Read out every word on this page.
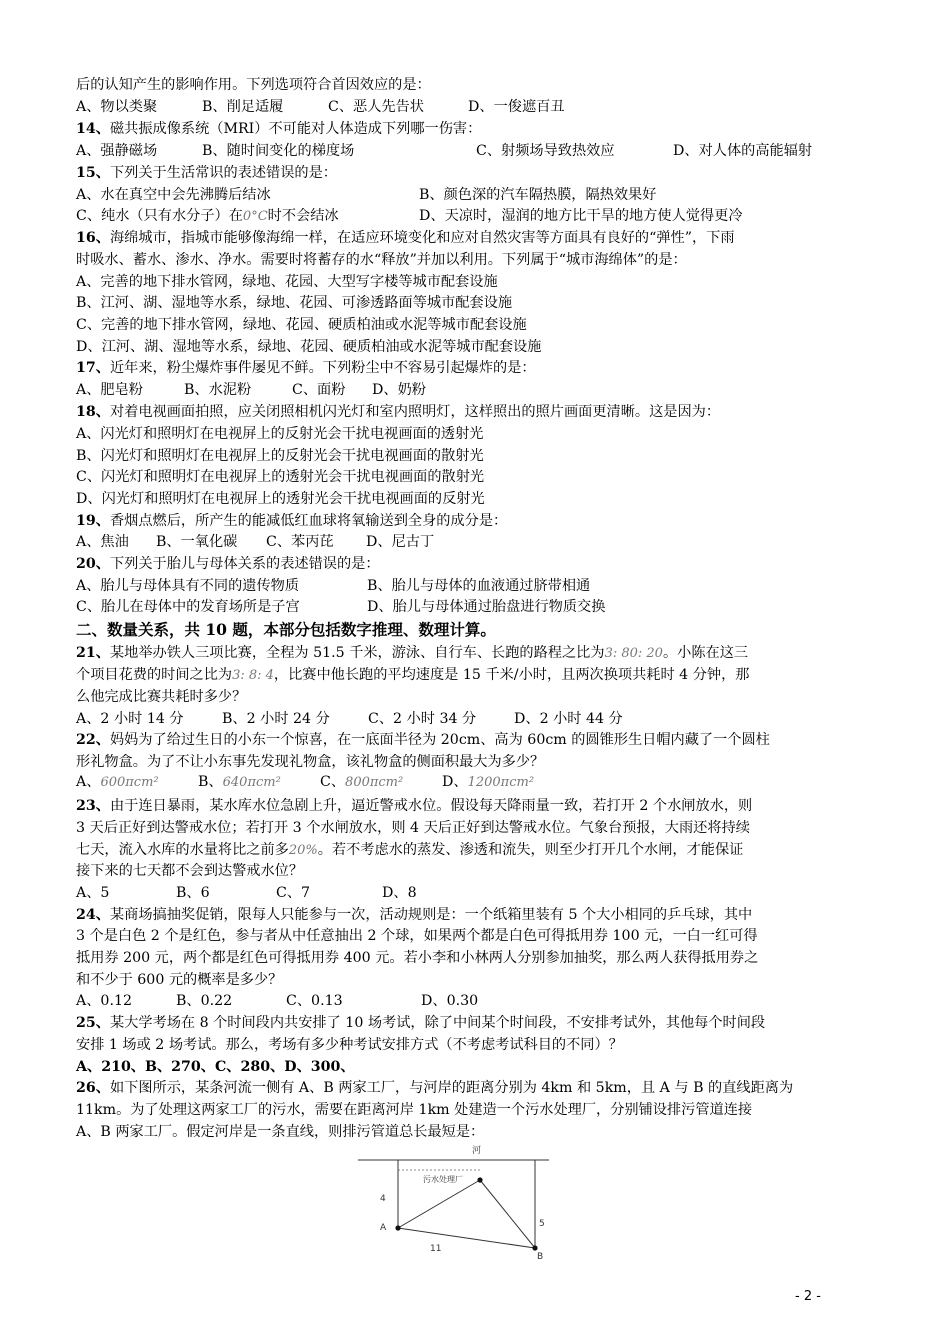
后的认知产生的影响作用。下列选项符合首因效应的是：
A、物以类聚	B、削足适履	C、恶人先告状	D、一俊遮百丑
14、磁共振成像系统（MRI）不可能对人体造成下列哪一伤害：
A、强静磁场	B、随时间变化的梯度场	C、射频场导致热效应	D、对人体的高能辐射
15、下列关于生活常识的表述错误的是：
A、水在真空中会先沸腾后结冰	B、颜色深的汽车隔热膜，隔热效果好
C、纯水（只有水分子）在0°C时不会结冰	D、天凉时，湿润的地方比干旱的地方使人觉得更冷
16、海绵城市，指城市能够像海绵一样，在适应环境变化和应对自然灾害等方面具有良好的“弹性”，下雨
时吸水、蓄水、渗水、净水。需要时将蓄存的水“释放”并加以利用。下列属于“城市海绵体”的是：
A、完善的地下排水管网，绿地、花园、大型写字楼等城市配套设施
B、江河、湖、湿地等水系，绿地、花园、可渗透路面等城市配套设施
C、完善的地下排水管网，绿地、花园、硬质柏油或水泥等城市配套设施
D、江河、湖、湿地等水系，绿地、花园、硬质柏油或水泥等城市配套设施
17、近年来，粉尘爆炸事件屡见不鲜。下列粉尘中不容易引起爆炸的是：
A、肥皂粉	B、水泥粉	C、面粉 D、奶粉
18、对着电视画面拍照，应关闭照相机闪光灯和室内照明灯，这样照出的照片画面更清晰。这是因为：
A、闪光灯和照明灯在电视屏上的反射光会干扰电视画面的透射光
B、闪光灯和照明灯在电视屏上的反射光会干扰电视画面的散射光
C、闪光灯和照明灯在电视屏上的透射光会干扰电视画面的散射光
D、闪光灯和照明灯在电视屏上的透射光会干扰电视画面的反射光
19、香烟点燃后，所产生的能减低红血球将氧输送到全身的成分是：
A、焦油 B、一氧化碳 C、苯丙芘 D、尼古丁
20、下列关于胎儿与母体关系的表述错误的是：
A、胎儿与母体具有不同的遗传物质	B、胎儿与母体的血液通过脐带相通
C、胎儿在母体中的发育场所是子宫	D、胎儿与母体通过胎盘进行物质交换
二、数量关系，共 10 题，本部分包括数字推理、数理计算。
21、某地举办铁人三项比赛，全程为 51.5 千米，游泳、自行车、长跑的路程之比为3: 80: 20。小陈在这三
个项目花费的时间之比为3: 8: 4，比赛中他长跑的平均速度是 15 千米/小时，且两次换项共耗时 4 分钟，那
么他完成比赛共耗时多少？
A、2 小时 14 分	B、2 小时 24 分	C、2 小时 34 分	D、2 小时 44 分
22、妈妈为了给过生日的小东一个惊喜，在一底面半径为 20cm、高为 60cm 的圆锥形生日帽内藏了一个圆柱
形礼物盒。为了不让小东事先发现礼物盒，该礼物盒的侧面积最大为多少？
A、600πcm²	B、640πcm²	C、800πcm²	D、1200πcm²
23、由于连日暴雨，某水库水位急剧上升，逼近警戒水位。假设每天降雨量一致，若打开 2 个水闸放水，则
3 天后正好到达警戒水位；若打开 3 个水闸放水，则 4 天后正好到达警戒水位。气象台预报，大雨还将持续
七天，流入水库的水量将比之前多20%。若不考虑水的蒸发、渗透和流失，则至少打开几个水闸，才能保证
接下来的七天都不会到达警戒水位？
A、5	B、6	C、7	D、8
24、某商场搞抽奖促销，限每人只能参与一次，活动规则是：一个纸箱里装有 5 个大小相同的乒乓球，其中
3 个是白色 2 个是红色，参与者从中任意抽出 2 个球，如果两个都是白色可得抵用券 100 元，一白一红可得
抵用券 200 元，两个都是红色可得抵用券 400 元。若小李和小林两人分别参加抽奖，那么两人获得抵用券之
和不少于 600 元的概率是多少？
A、0.12	B、0.22	C、0.13	D、0.30
25、某大学考场在 8 个时间段内共安排了 10 场考试，除了中间某个时间段，不安排考试外，其他每个时间段
安排 1 场或 2 场考试。那么，考场有多少种考试安排方式（不考虑考试科目的不同）？
A、210、B、270、C、280、D、300、
26、如下图所示，某条河流一侧有 A、B 两家工厂，与河岸的距离分别为 4km 和 5km，且 A 与 B 的直线距离为
11km。为了处理这两家工厂的污水，需要在距离河岸 1km 处建造一个污水处理厂，分别铺设排污管道连接
A、B 两家工厂。假定河岸是一条直线，则排污管道总长最短是：
河
污水处理厂
4
5
11
A
B
- 2 -
